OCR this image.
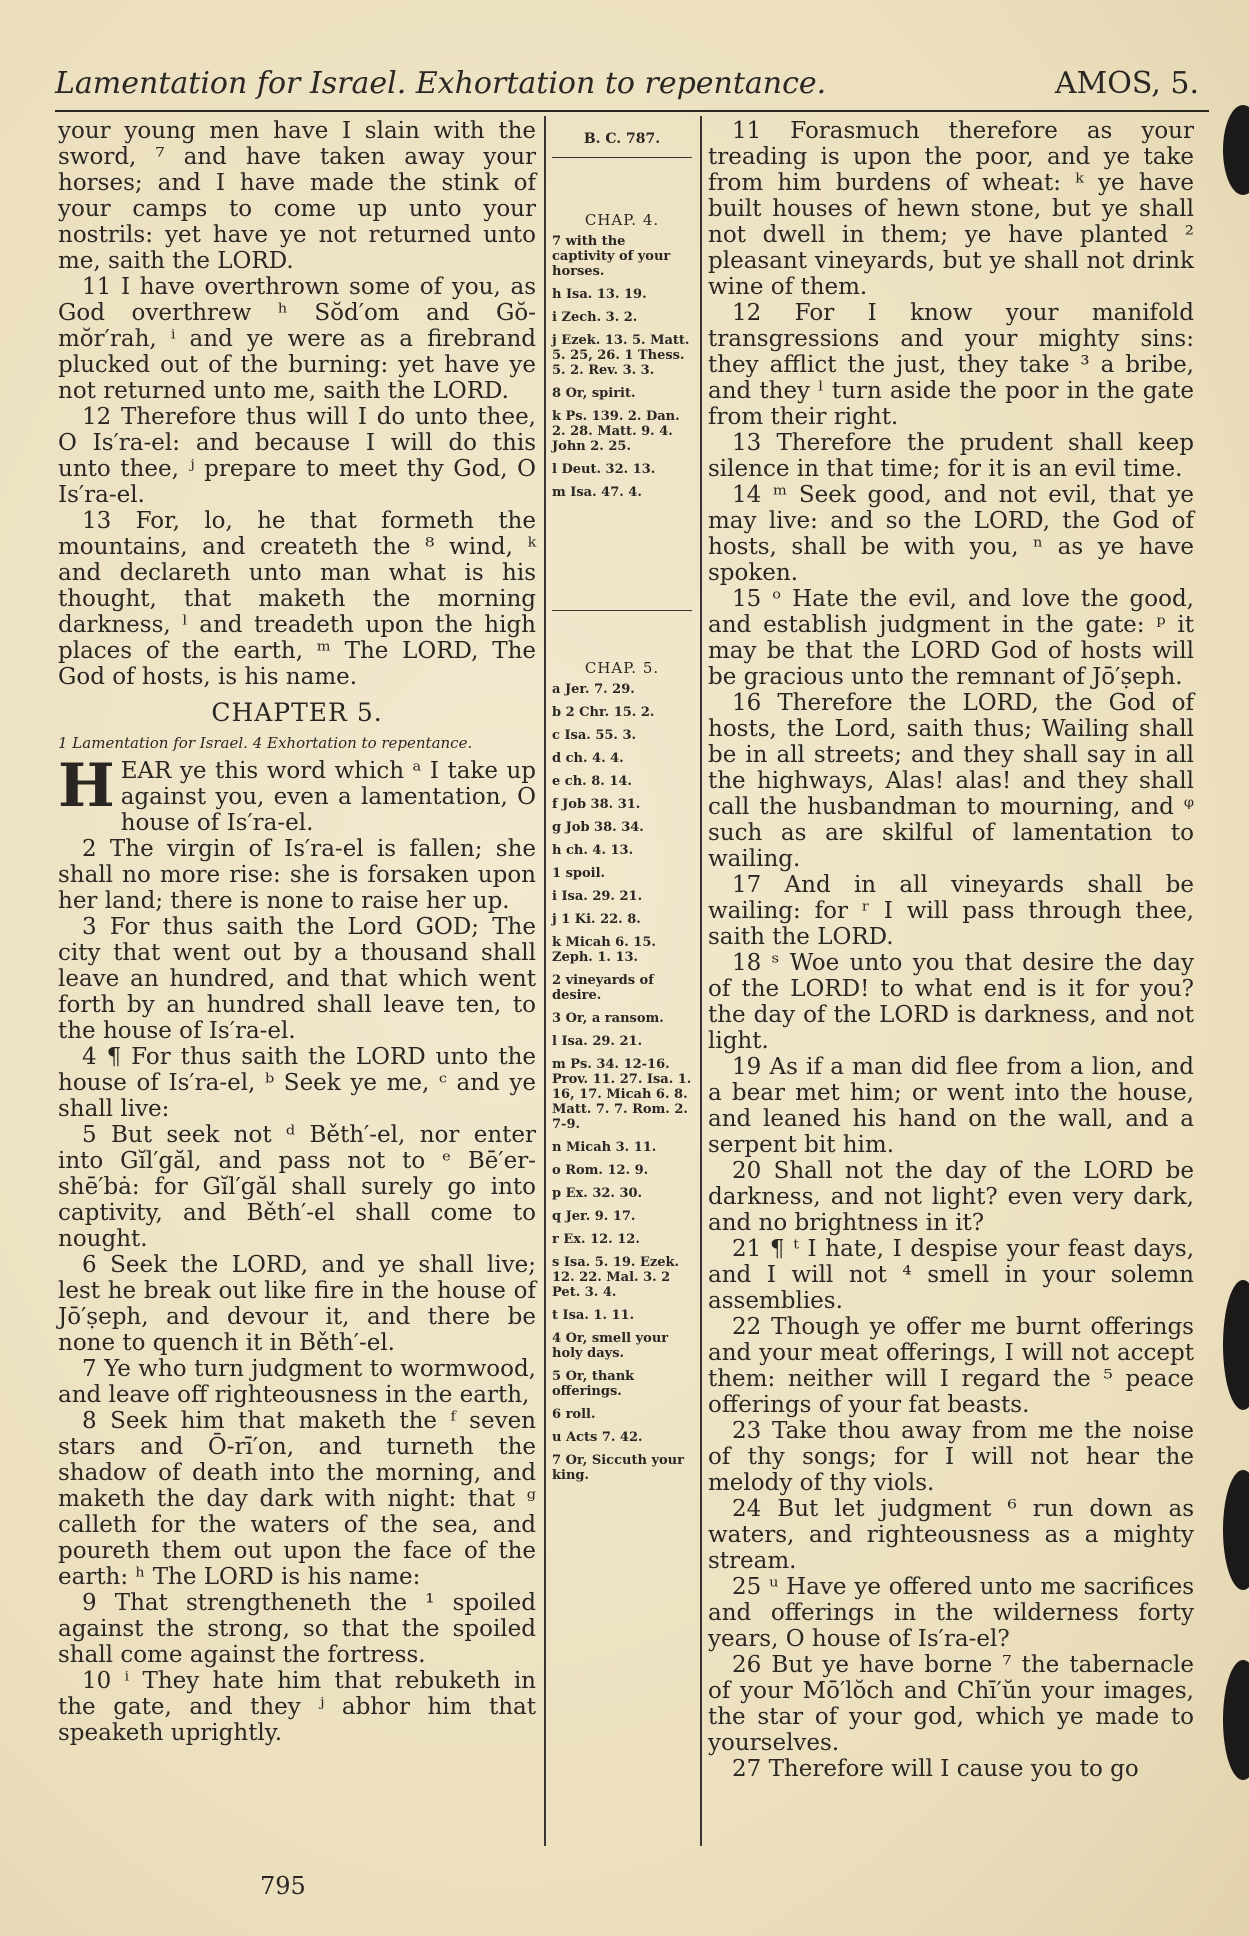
Lamentation for Israel. Exhortation to repentance.	AMOS, 5.

your young men have I slain with the sword, ⁷ and have taken away your horses; and I have made the stink of your camps to come up unto your nostrils: yet have ye not returned unto me, saith the LORD.

11 I have overthrown some of you, as God overthrew ʰ Sŏd′om and Gŏ-mŏr′rah, ⁱ and ye were as a firebrand plucked out of the burning: yet have ye not returned unto me, saith the LORD.

12 Therefore thus will I do unto thee, O Is′ra-el: and because I will do this unto thee, ʲ prepare to meet thy God, O Is′ra-el.

13 For, lo, he that formeth the mountains, and createth the ⁸ wind, ᵏ and declareth unto man what is his thought, that maketh the morning darkness, ˡ and treadeth upon the high places of the earth, ᵐ The LORD, The God of hosts, is his name.

CHAPTER 5.

1 Lamentation for Israel. 4 Exhortation to repentance.

HEAR ye this word which ᵃ I take up against you, even a lamentation, O house of Is′ra-el.

2 The virgin of Is′ra-el is fallen; she shall no more rise: she is forsaken upon her land; there is none to raise her up.

3 For thus saith the Lord GOD; The city that went out by a thousand shall leave an hundred, and that which went forth by an hundred shall leave ten, to the house of Is′ra-el.

4 ¶ For thus saith the LORD unto the house of Is′ra-el, ᵇ Seek ye me, ᶜ and ye shall live:

5 But seek not ᵈ Běth′-el, nor enter into Gĭl′găl, and pass not to ᵉ Bē′er-shē′bȧ: for Gĭl′găl shall surely go into captivity, and Běth′-el shall come to nought.

6 Seek the LORD, and ye shall live; lest he break out like fire in the house of Jō′ṣeph, and devour it, and there be none to quench it in Běth′-el.

7 Ye who turn judgment to wormwood, and leave off righteousness in the earth,

8 Seek him that maketh the ᶠ seven stars and Ō-rī′on, and turneth the shadow of death into the morning, and maketh the day dark with night: that ᵍ calleth for the waters of the sea, and poureth them out upon the face of the earth: ʰ The LORD is his name:

9 That strengtheneth the ¹ spoiled against the strong, so that the spoiled shall come against the fortress.

10 ⁱ They hate him that rebuketh in the gate, and they ʲ abhor him that speaketh uprightly.

B. C. 787.
CHAP. 4.
7 with the captivity of your horses.
h Isa. 13. 19.
i Zech. 3. 2.
j Ezek. 13. 5. Matt. 5. 25, 26. 1 Thess. 5. 2. Rev. 3. 3.
8 Or, spirit.
k Ps. 139. 2. Dan. 2. 28. Matt. 9. 4. John 2. 25.
l Deut. 32. 13.
m Isa. 47. 4.
CHAP. 5.
a Jer. 7. 29.
b 2 Chr. 15. 2.
c Isa. 55. 3.
d ch. 4. 4.
e ch. 8. 14.
f Job 38. 31.
g Job 38. 34.
h ch. 4. 13.
1 spoil.
i Isa. 29. 21.
j 1 Ki. 22. 8.
k Micah 6. 15. Zeph. 1. 13.
2 vineyards of desire.
3 Or, a ransom.
l Isa. 29. 21.
m Ps. 34. 12-16. Prov. 11. 27. Isa. 1. 16, 17. Micah 6. 8. Matt. 7. 7. Rom. 2. 7-9.
n Micah 3. 11.
o Rom. 12. 9.
p Ex. 32. 30.
q Jer. 9. 17.
r Ex. 12. 12.
s Isa. 5. 19. Ezek. 12. 22. Mal. 3. 2 Pet. 3. 4.
t Isa. 1. 11.
4 Or, smell your holy days.
5 Or, thank offerings.
6 roll.
u Acts 7. 42.
7 Or, Siccuth your king.

11 Forasmuch therefore as your treading is upon the poor, and ye take from him burdens of wheat: ᵏ ye have built houses of hewn stone, but ye shall not dwell in them; ye have planted ² pleasant vineyards, but ye shall not drink wine of them.

12 For I know your manifold transgressions and your mighty sins: they afflict the just, they take ³ a bribe, and they ˡ turn aside the poor in the gate from their right.

13 Therefore the prudent shall keep silence in that time; for it is an evil time.

14 ᵐ Seek good, and not evil, that ye may live: and so the LORD, the God of hosts, shall be with you, ⁿ as ye have spoken.

15 ᵒ Hate the evil, and love the good, and establish judgment in the gate: ᵖ it may be that the LORD God of hosts will be gracious unto the remnant of Jō′ṣeph.

16 Therefore the LORD, the God of hosts, the Lord, saith thus; Wailing shall be in all streets; and they shall say in all the highways, Alas! alas! and they shall call the husbandman to mourning, and ᵠ such as are skilful of lamentation to wailing.

17 And in all vineyards shall be wailing: for ʳ I will pass through thee, saith the LORD.

18 ˢ Woe unto you that desire the day of the LORD! to what end is it for you? the day of the LORD is darkness, and not light.

19 As if a man did flee from a lion, and a bear met him; or went into the house, and leaned his hand on the wall, and a serpent bit him.

20 Shall not the day of the LORD be darkness, and not light? even very dark, and no brightness in it?

21 ¶ ᵗ I hate, I despise your feast days, and I will not ⁴ smell in your solemn assemblies.

22 Though ye offer me burnt offerings and your meat offerings, I will not accept them: neither will I regard the ⁵ peace offerings of your fat beasts.

23 Take thou away from me the noise of thy songs; for I will not hear the melody of thy viols.

24 But let judgment ⁶ run down as waters, and righteousness as a mighty stream.

25 ᵘ Have ye offered unto me sacrifices and offerings in the wilderness forty years, O house of Is′ra-el?

26 But ye have borne ⁷ the tabernacle of your Mō′lŏch and Chī′ŭn your images, the star of your god, which ye made to yourselves.

27 Therefore will I cause you to go

795
